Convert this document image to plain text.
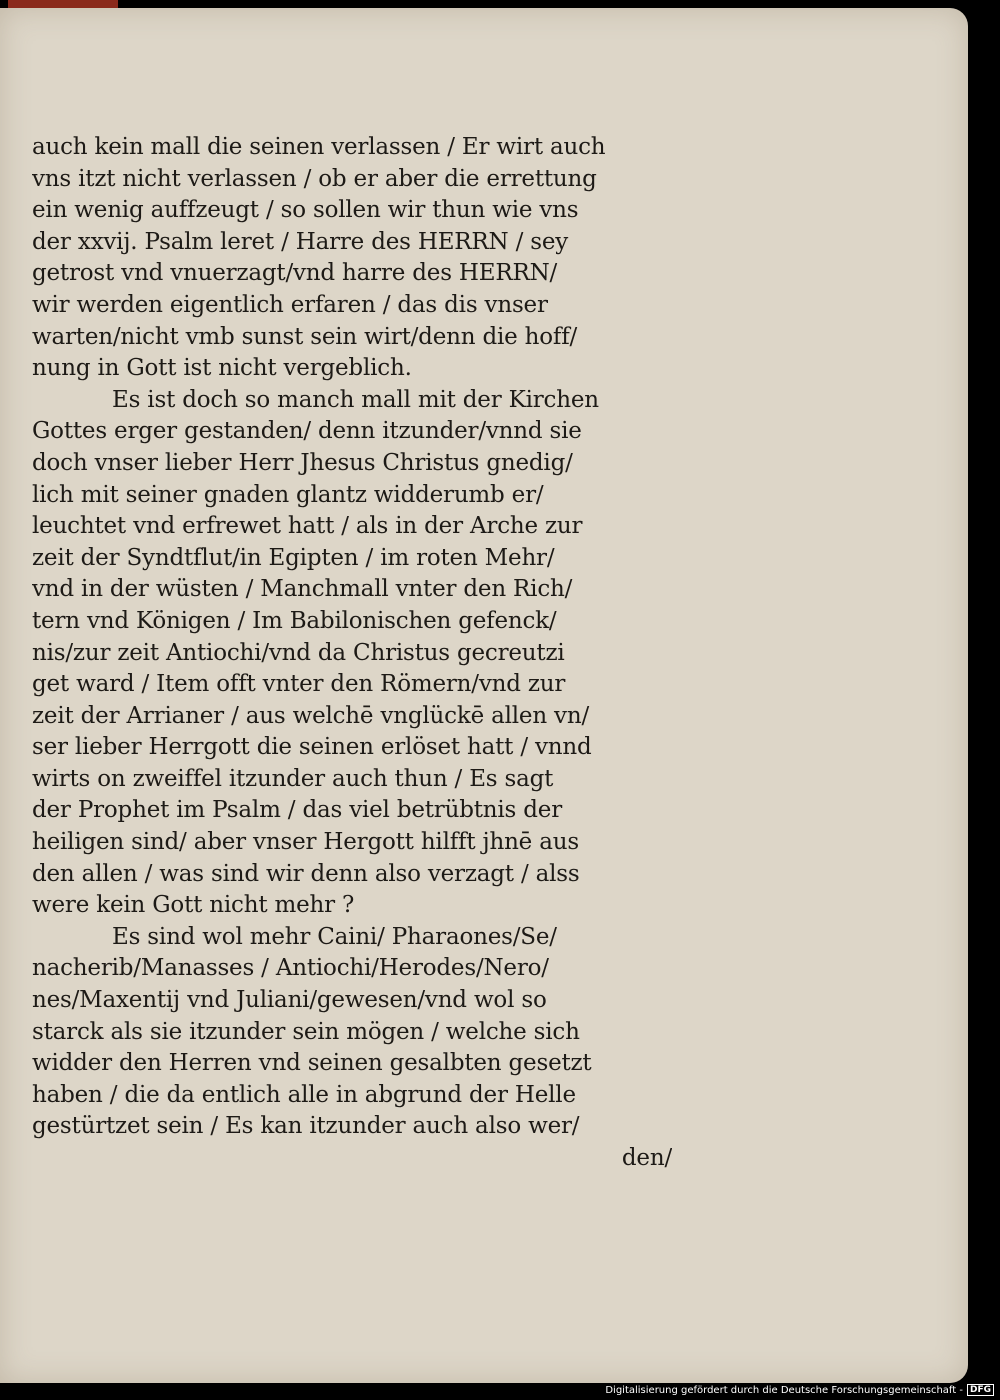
auch kein mall die seinen verlassen / Er wirt auch
vns itzt nicht verlassen / ob er aber die errettung
ein wenig auffzeugt / so sollen wir thun wie vns
der xxvij. Psalm leret / Harre des HERRN / sey
getrost vnd vnuerzagt/vnd harre des HERRN/
wir werden eigentlich erfaren / das dis vnser
warten/nicht vmb sunst sein wirt/denn die hoff/
nung in Gott ist nicht vergeblich.
Es ist doch so manch mall mit der Kirchen
Gottes erger gestanden/ denn itzunder/vnnd sie
doch vnser lieber Herr Jhesus Christus gnedig/
lich mit seiner gnaden glantz widderumb er/
leuchtet vnd erfrewet hatt / als in der Arche zur
zeit der Syndtflut/in Egipten / im roten Mehr/
vnd in der wüsten / Manchmall vnter den Rich/
tern vnd Königen / Im Babilonischen gefenck/
nis/zur zeit Antiochi/vnd da Christus gecreutzi
get ward / Item offt vnter den Römern/vnd zur
zeit der Arrianer / aus welchē vnglückē allen vn/
ser lieber Herrgott die seinen erlöset hatt / vnnd
wirts on zweiffel itzunder auch thun / Es sagt
der Prophet im Psalm / das viel betrübtnis der
heiligen sind/ aber vnser Hergott hilfft jhnē aus
den allen / was sind wir denn also verzagt / alss
were kein Gott nicht mehr ?
Es sind wol mehr Caini/ Pharaones/Se/
nacherib/Manasses / Antiochi/Herodes/Nero/
nes/Maxentij vnd Juliani/gewesen/vnd wol so
starck als sie itzunder sein mögen / welche sich
widder den Herren vnd seinen gesalbten gesetzt
haben / die da entlich alle in abgrund der Helle
gestürtzet sein / Es kan itzunder auch also wer/
den/
Digitalisierung gefördert durch die Deutsche Forschungsgemeinschaft - DFG
